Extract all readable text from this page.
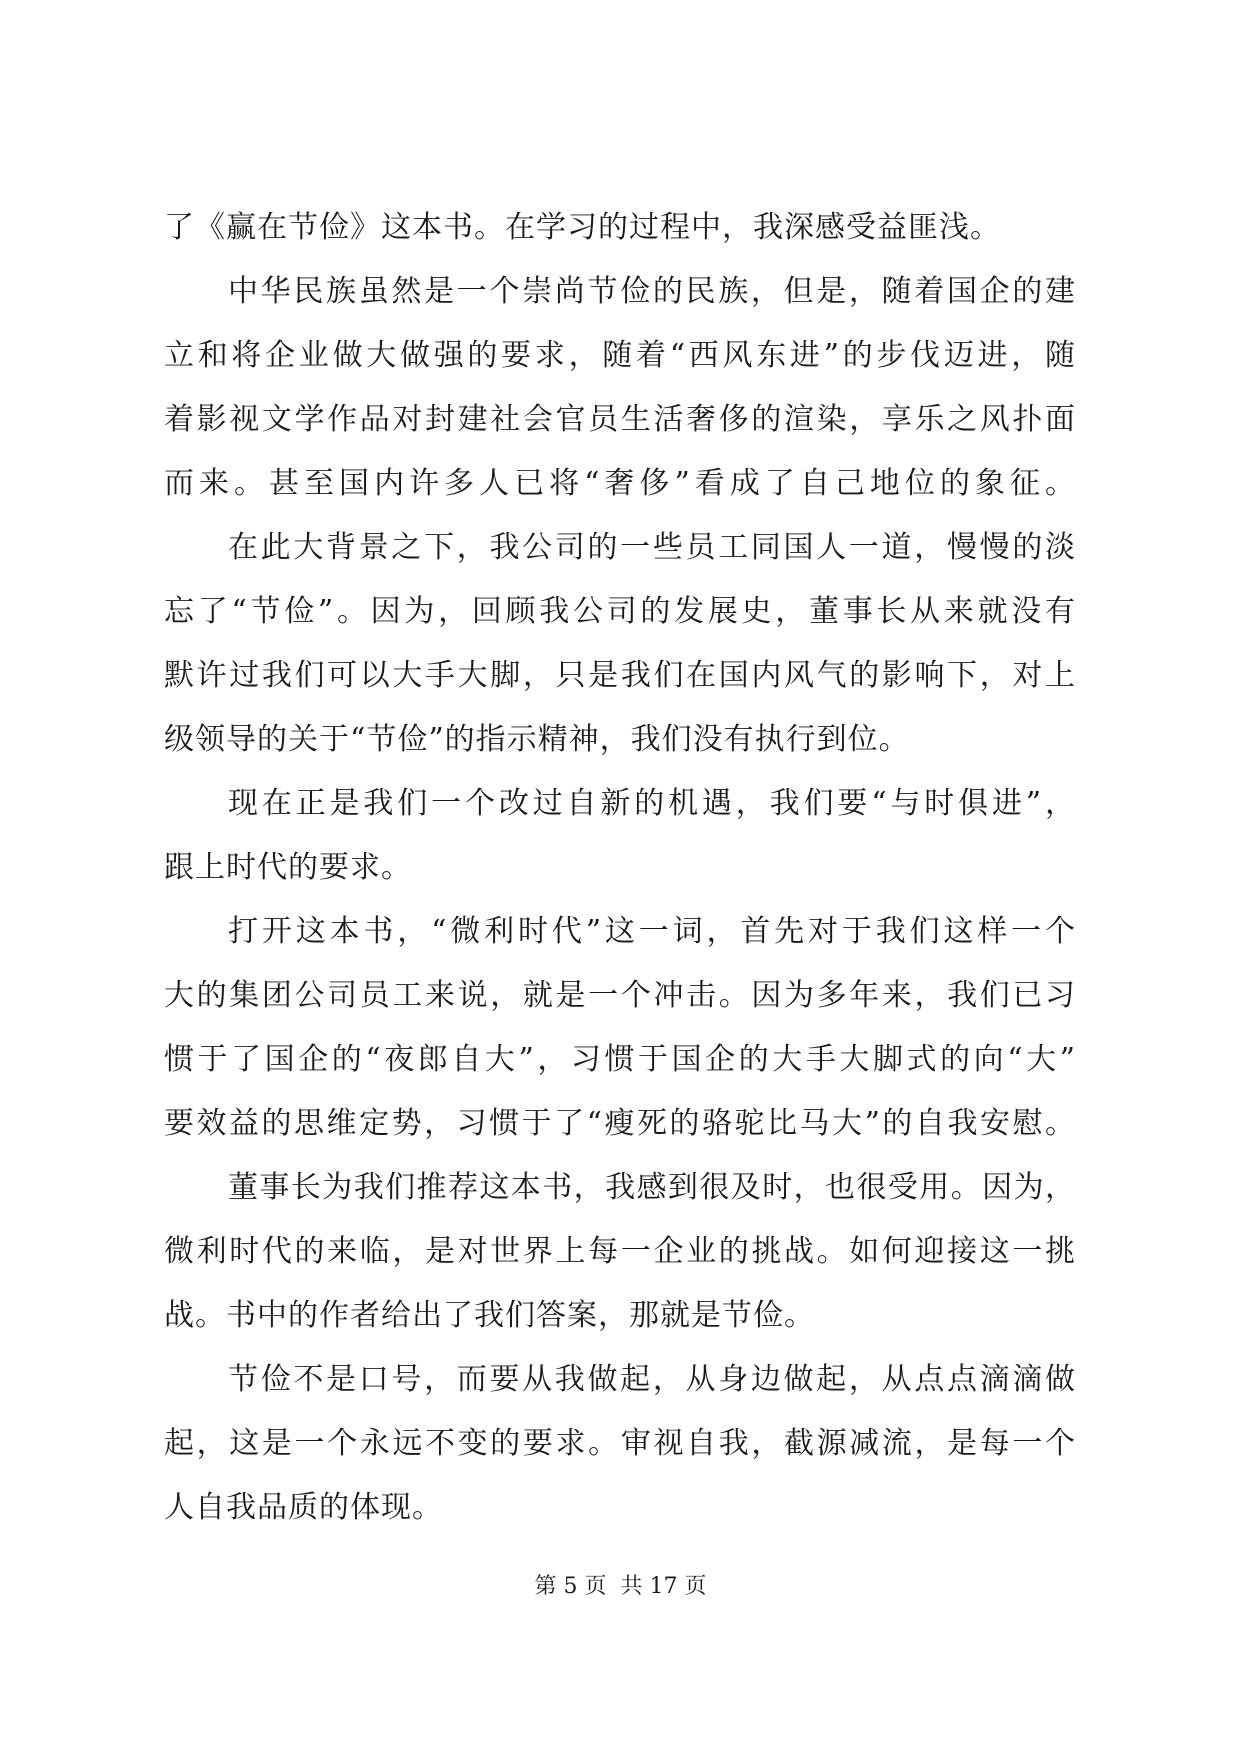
了《赢在节俭》这本书。在学习的过程中，我深感受益匪浅。
中华民族虽然是一个崇尚节俭的民族，但是，随着国企的建
立和将企业做大做强的要求，随着“西风东进”的步伐迈进，随
着影视文学作品对封建社会官员生活奢侈的渲染，享乐之风扑面
而来。甚至国内许多人已将“奢侈”看成了自己地位的象征。
在此大背景之下，我公司的一些员工同国人一道，慢慢的淡
忘了“节俭”。因为，回顾我公司的发展史，董事长从来就没有
默许过我们可以大手大脚，只是我们在国内风气的影响下，对上
级领导的关于“节俭”的指示精神，我们没有执行到位。
现在正是我们一个改过自新的机遇，我们要“与时俱进”，
跟上时代的要求。
打开这本书，“微利时代”这一词，首先对于我们这样一个
大的集团公司员工来说，就是一个冲击。因为多年来，我们已习
惯于了国企的“夜郎自大”，习惯于国企的大手大脚式的向“大”
要效益的思维定势，习惯于了“瘦死的骆驼比马大”的自我安慰。
董事长为我们推荐这本书，我感到很及时，也很受用。因为，
微利时代的来临，是对世界上每一企业的挑战。如何迎接这一挑
战。书中的作者给出了我们答案，那就是节俭。
节俭不是口号，而要从我做起，从身边做起，从点点滴滴做
起，这是一个永远不变的要求。审视自我，截源减流，是每一个
人自我品质的体现。
第 5 页  共 17 页
